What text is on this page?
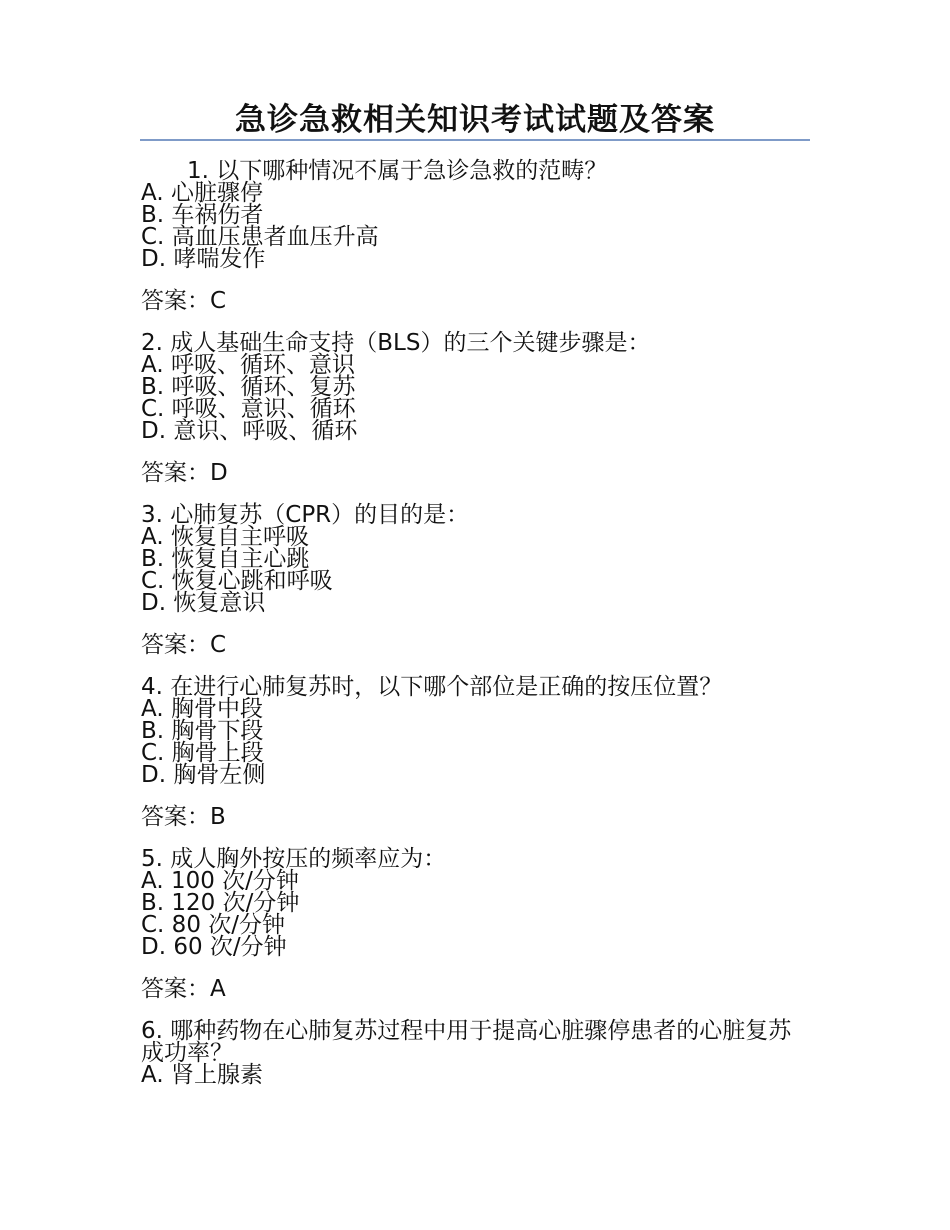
急诊急救相关知识考试试题及答案
1. 以下哪种情况不属于急诊急救的范畴？
A. 心脏骤停
B. 车祸伤者
C. 高血压患者血压升高
D. 哮喘发作
答案：C
2. 成人基础生命支持（BLS）的三个关键步骤是：
A. 呼吸、循环、意识
B. 呼吸、循环、复苏
C. 呼吸、意识、循环
D. 意识、呼吸、循环
答案：D
3. 心肺复苏（CPR）的目的是：
A. 恢复自主呼吸
B. 恢复自主心跳
C. 恢复心跳和呼吸
D. 恢复意识
答案：C
4. 在进行心肺复苏时，以下哪个部位是正确的按压位置？
A. 胸骨中段
B. 胸骨下段
C. 胸骨上段
D. 胸骨左侧
答案：B
5. 成人胸外按压的频率应为：
A. 100 次/分钟
B. 120 次/分钟
C. 80 次/分钟
D. 60 次/分钟
答案：A
6. 哪种药物在心肺复苏过程中用于提高心脏骤停患者的心脏复苏成功率？
A. 肾上腺素
